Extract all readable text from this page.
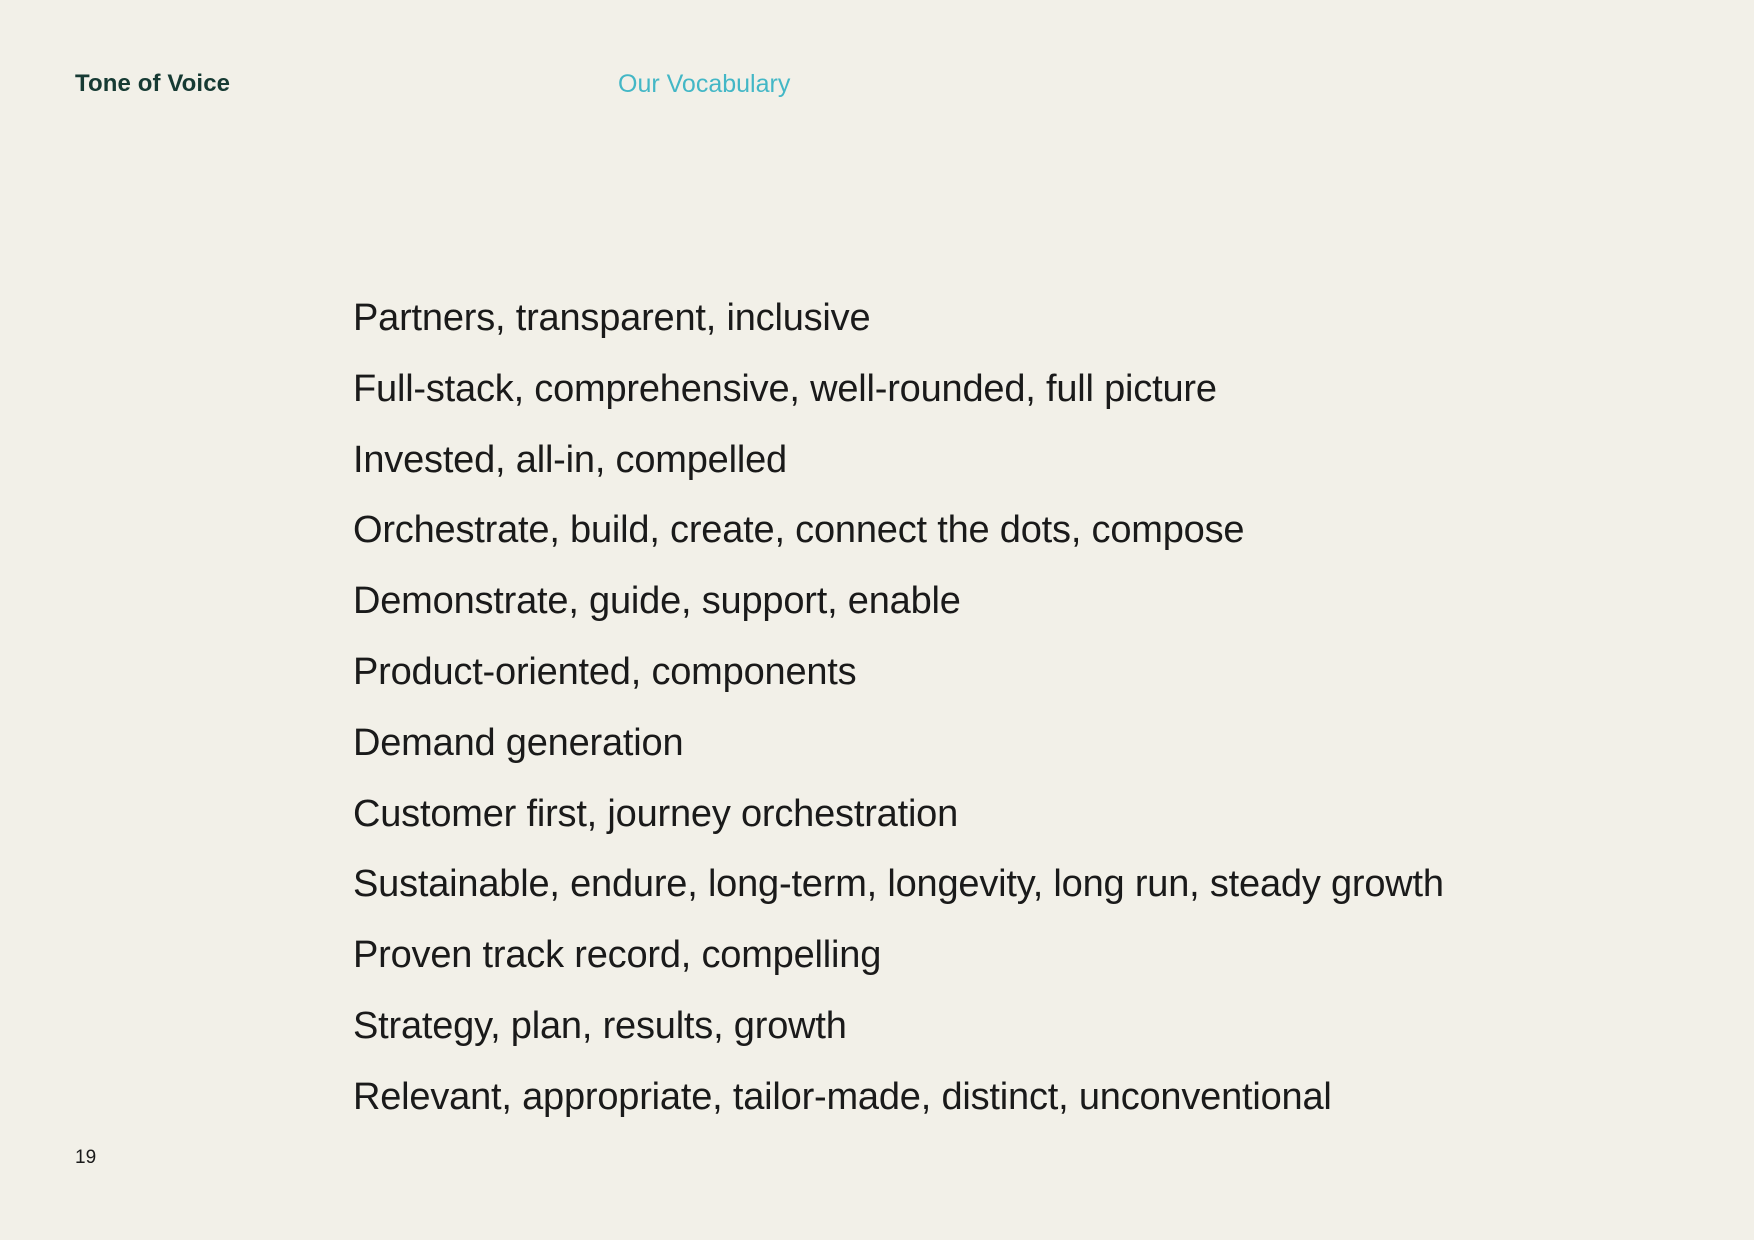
Tone of Voice	Our Vocabulary
Partners, transparent, inclusive
Full-stack, comprehensive, well-rounded, full picture
Invested, all-in, compelled
Orchestrate, build, create, connect the dots, compose
Demonstrate, guide, support, enable
Product-oriented, components
Demand generation
Customer first, journey orchestration
Sustainable, endure, long-term, longevity, long run, steady growth
Proven track record, compelling
Strategy, plan, results, growth
Relevant, appropriate, tailor-made, distinct, unconventional
19
